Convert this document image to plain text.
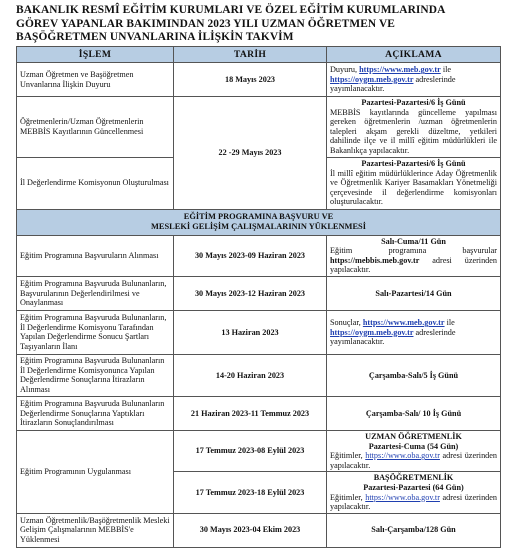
BAKANLIK RESMÎ EĞİTİM KURUMLARI VE ÖZEL EĞİTİM KURUMLARINDA
GÖREV YAPANLAR BAKIMINDAN 2023 YILI UZMAN ÖĞRETMEN VE
BAŞÖĞRETMEN UNVANLARINA İLİŞKİN TAKVİM
İŞLEM	TARİH	AÇIKLAMA
Uzman Öğretmen ve Başöğretmen Unvanlarına İlişkin Duyuru	18 Mayıs 2023	Duyuru, https://www.meb.gov.tr ile https://oygm.meb.gov.tr adreslerinde yayımlanacaktır.
Öğretmenlerin/Uzman Öğretmenlerin MEBBİS Kayıtlarının Güncellenmesi	22 -29 Mayıs 2023	Pazartesi-Pazartesi/6 İş Günü
MEBBİS kayıtlarında güncelleme yapılması gereken öğretmenlerin /uzman öğretmenlerin talepleri akşam gerekli düzeltme, yetkileri dahilinde ilçe ve il millî eğitim müdürlükleri ile Bakanlıkça yapılacaktır.

İl Değerlendirme Komisyonun Oluşturulması		Pazartesi-Pazartesi/6 İş Günü
İl millî eğitim müdürlüklerince Aday Öğretmenlik ve Öğretmenlik Kariyer Basamakları Yönetmeliği çerçevesinde il değerlendirme komisyonları oluşturulacaktır.

EĞİTİM PROGRAMINA BAŞVURU VE
MESLEKİ GELİŞİM ÇALIŞMALARININ YÜKLENMESİ		

Eğitim Programına Başvuruların Alınması	30 Mayıs 2023-09 Haziran 2023	Salı-Cuma/11 Gün
Eğitim programına başvurular https://mebbis.meb.gov.tr adresi üzerinden yapılacaktır.

Eğitim Programına Başvuruda Bulunanların, Başvurularının Değerlendirilmesi ve Onaylanması	30 Mayıs 2023-12 Haziran 2023	Salı-Pazartesi/14 Gün
Eğitim Programına Başvuruda Bulunanların, İl Değerlendirme Komisyonu Tarafından Yapılan Değerlendirme Sonucu Şartları Taşıyanların İlanı	13 Haziran 2023	Sonuçlar, https://www.meb.gov.tr ile https://oygm.meb.gov.tr adreslerinde yayımlanacaktır.
Eğitim Programına Başvuruda Bulunanların İl Değerlendirme Komisyonunca Yapılan Değerlendirme Sonuçlarına İtirazların Alınması	14-20 Haziran 2023	Çarşamba-Salı/5 İş Günü
Eğitim Programına Başvuruda Bulunanların Değerlendirme Sonuçlarına Yaptıkları İtirazların Sonuçlandırılması	21 Haziran 2023-11 Temmuz 2023	Çarşamba-Salı/ 10 İş Günü
Eğitim Programının Uygulanması	17 Temmuz 2023-08 Eylül 2023	UZMAN ÖĞRETMENLİK
Pazartesi-Cuma (54 Gün)
Eğitimler, https://www.oba.gov.tr adresi üzerinden yapılacaktır.

	17 Temmuz 2023-18 Eylül 2023	BAŞÖĞRETMENLİK
Pazartesi-Pazartesi (64 Gün)
Eğitimler, https://www.oba.gov.tr adresi üzerinden yapılacaktır.

Uzman Öğretmenlik/Başöğretmenlik Mesleki Gelişim Çalışmalarının MEBBİS'e Yüklenmesi	30 Mayıs 2023-04 Ekim 2023	Salı-Çarşamba/128 Gün
